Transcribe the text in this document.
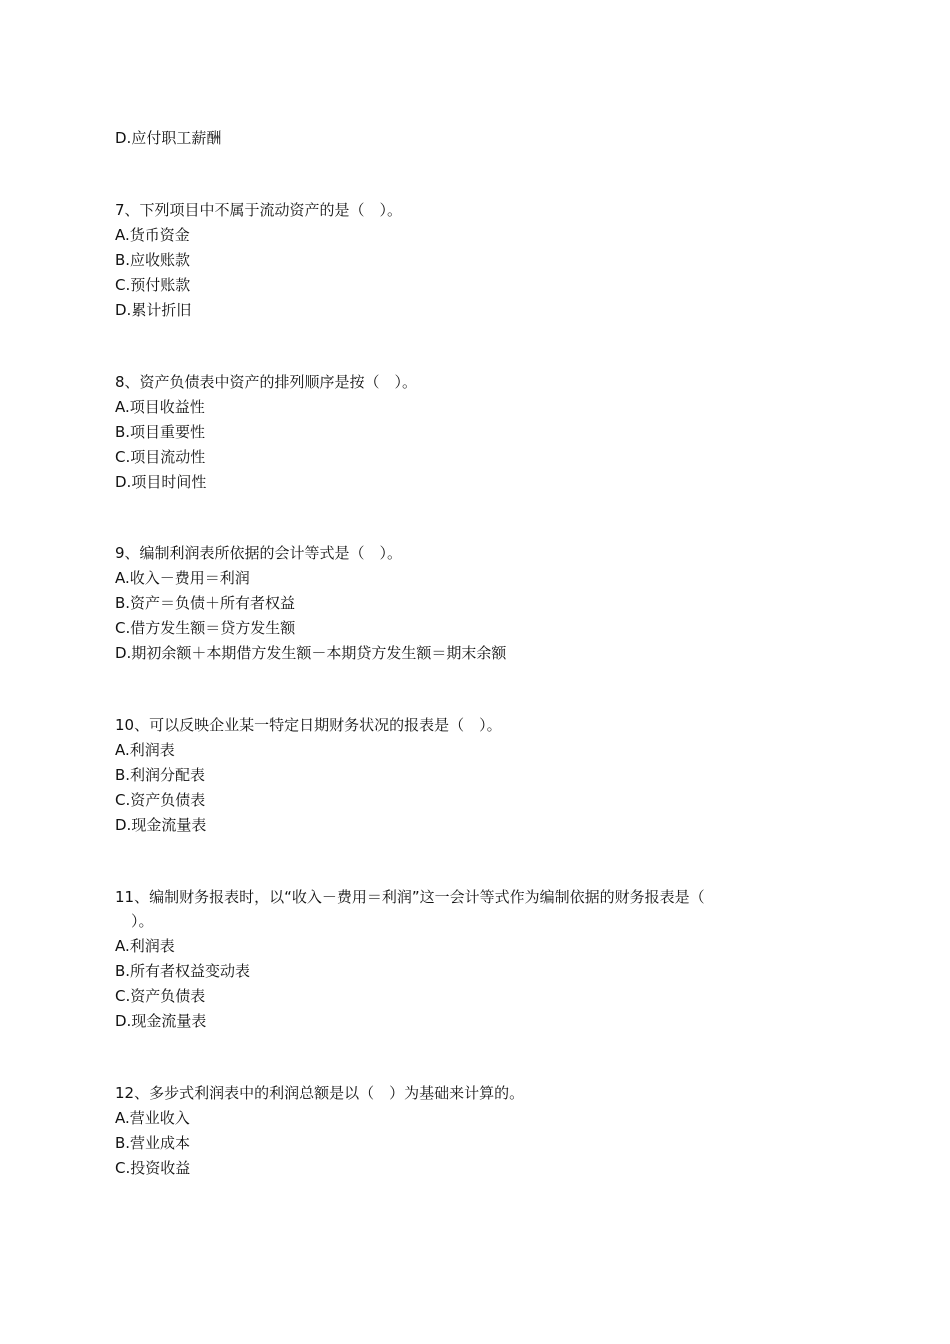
D.应付职工薪酬
7、下列项目中不属于流动资产的是（　）。
A.货币资金
B.应收账款
C.预付账款
D.累计折旧
8、资产负债表中资产的排列顺序是按（　）。
A.项目收益性
B.项目重要性
C.项目流动性
D.项目时间性
9、编制利润表所依据的会计等式是（　）。
A.收入－费用＝利润
B.资产＝负债＋所有者权益
C.借方发生额＝贷方发生额
D.期初余额＋本期借方发生额－本期贷方发生额＝期末余额
10、可以反映企业某一特定日期财务状况的报表是（　）。
A.利润表
B.利润分配表
C.资产负债表
D.现金流量表
11、编制财务报表时，以“收入－费用＝利润”这一会计等式作为编制依据的财务报表是（
）。
A.利润表
B.所有者权益变动表
C.资产负债表
D.现金流量表
12、多步式利润表中的利润总额是以（　）为基础来计算的。
A.营业收入
B.营业成本
C.投资收益
